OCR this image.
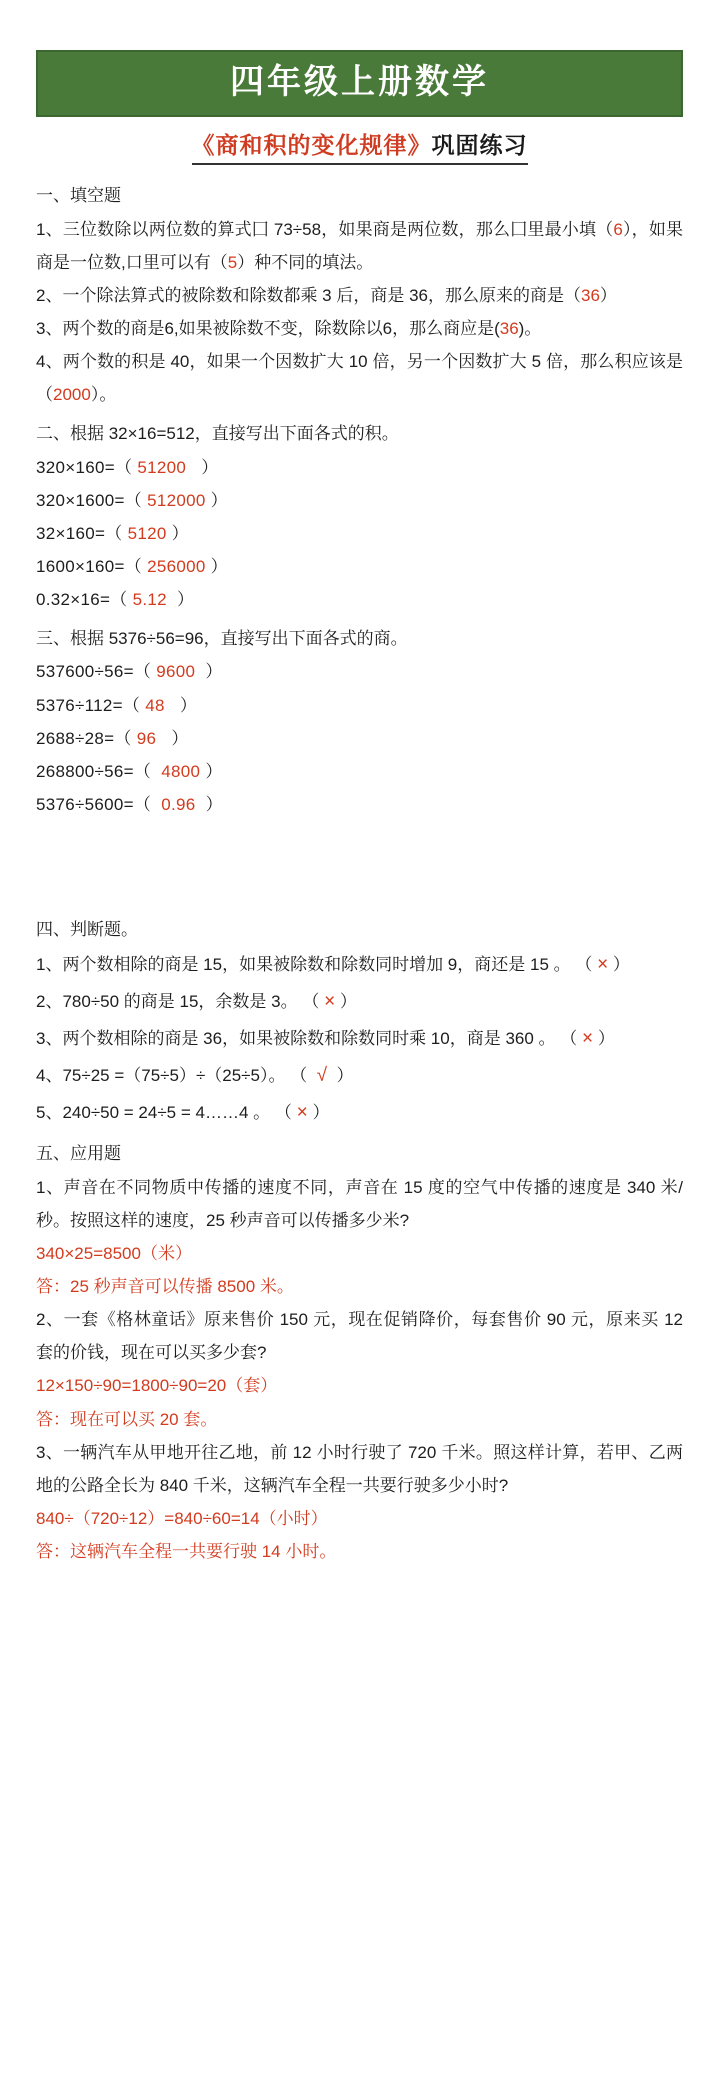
四年级上册数学
《商和积的变化规律》巩固练习
一、填空题
1、三位数除以两位数的算式囗 73÷58，如果商是两位数，那么囗里最小填（6），如果商是一位数,口里可以有（5）种不同的填法。
2、一个除法算式的被除数和除数都乘 3 后，商是 36，那么原来的商是（36）
3、两个数的商是6,如果被除数不变，除数除以6，那么商应是(36)。
4、两个数的积是 40，如果一个因数扩大 10 倍，另一个因数扩大 5 倍，那么积应该是（2000）。
二、根据 32×16=512，直接写出下面各式的积。
320×160=（ 51200 ）
320×1600=（ 512000 ）
32×160=（ 5120 ）
1600×160=（ 256000 ）
0.32×16=（ 5.12 ）
三、根据 5376÷56=96，直接写出下面各式的商。
537600÷56=（ 9600 ）
5376÷112=（ 48 ）
2688÷28=（ 96 ）
268800÷56=（ 4800 ）
5376÷5600=（ 0.96 ）
四、判断题。
1、两个数相除的商是 15，如果被除数和除数同时增加 9，商还是 15 。 （ × ）
2、780÷50 的商是 15，余数是 3。 （ × ）
3、两个数相除的商是 36，如果被除数和除数同时乘 10，商是 360 。 （ × ）
4、75÷25 =（75÷5）÷（25÷5）。 （ √ ）
5、240÷50 = 24÷5 = 4……4 。 （ × ）
五、应用题
1、声音在不同物质中传播的速度不同，声音在 15 度的空气中传播的速度是 340 米/秒。按照这样的速度，25 秒声音可以传播多少米?
340×25=8500（米）
答：25 秒声音可以传播 8500 米。
2、一套《格林童话》原来售价 150 元，现在促销降价，每套售价 90 元，原来买 12 套的价钱，现在可以买多少套?
12×150÷90=1800÷90=20（套）
答：现在可以买 20 套。
3、一辆汽车从甲地开往乙地，前 12 小时行驶了 720 千米。照这样计算，若甲、乙两地的公路全长为 840 千米，这辆汽车全程一共要行驶多少小时?
840÷（720÷12）=840÷60=14（小时）
答：这辆汽车全程一共要行驶 14 小时。
